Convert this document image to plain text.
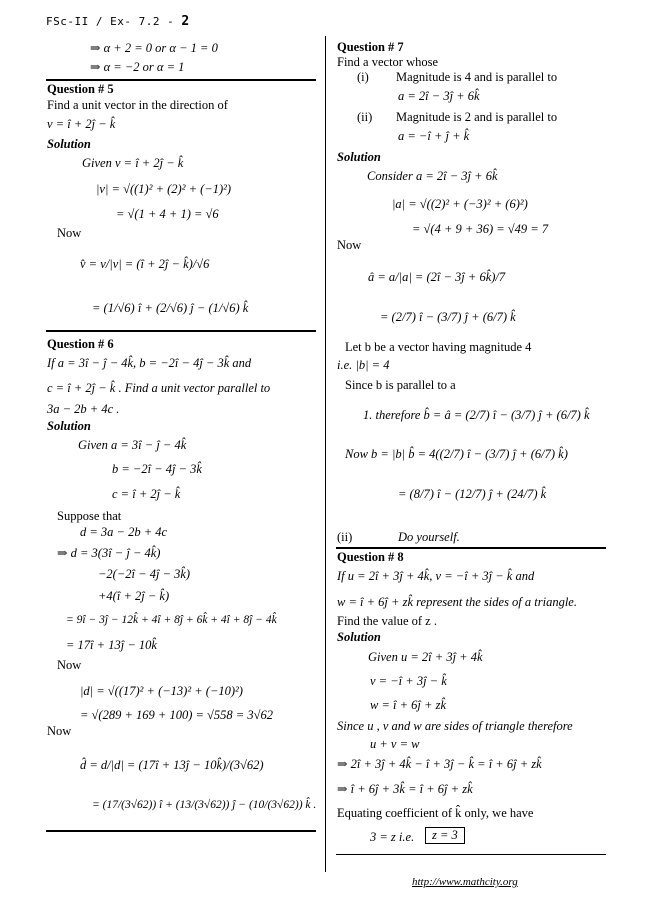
FSc-II / Ex- 7.2 - 2
⇒ α + 2 = 0 or α − 1 = 0
⇒ α = −2 or α = 1
Question # 5
Find a unit vector in the direction of
v = î + 2ĵ − k̂
Solution
Given v = î + 2ĵ − k̂
|v| = √((1)² + (2)² + (−1)²)
= √(1 + 4 + 1) = √6
Now
v̂ = v/|v| = (î + 2ĵ − k̂)/√6
= (1/√6) î + (2/√6) ĵ − (1/√6) k̂
Question # 6
If a = 3î − ĵ − 4k̂, b = −2î − 4ĵ − 3k̂ and
c = î + 2ĵ − k̂ . Find a unit vector parallel to
3a − 2b + 4c .
Solution
Given a = 3î − ĵ − 4k̂
b = −2î − 4ĵ − 3k̂
c = î + 2ĵ − k̂
Suppose that
d = 3a − 2b + 4c
⇒ d = 3(3î − ĵ − 4k̂)
−2(−2î − 4ĵ − 3k̂)
+4(î + 2ĵ − k̂)
= 9î − 3ĵ − 12k̂ + 4î + 8ĵ + 6k̂ + 4î + 8ĵ − 4k̂
= 17î + 13ĵ − 10k̂
Now
|d| = √((17)² + (−13)² + (−10)²)
= √(289 + 169 + 100) = √558 = 3√62
Now
d̂ = d/|d| = (17î + 13ĵ − 10k̂)/(3√62)
= (17/(3√62)) î + (13/(3√62)) ĵ − (10/(3√62)) k̂ .
Question # 7
Find a vector whose
(i) Magnitude is 4 and is parallel to
a = 2î − 3ĵ + 6k̂
(ii) Magnitude is 2 and is parallel to
a = −î + ĵ + k̂
Solution
Consider a = 2î − 3ĵ + 6k̂
|a| = √((2)² + (−3)² + (6)²)
= √(4 + 9 + 36) = √49 = 7
Now
â = a/|a| = (2î − 3ĵ + 6k̂)/7
= (2/7) î − (3/7) ĵ + (6/7) k̂
Let b be a vector having magnitude 4
i.e. |b| = 4
Since b is parallel to a
1. therefore b̂ = â = (2/7) î − (3/7) ĵ + (6/7) k̂
Now b = |b| b̂ = 4((2/7) î − (3/7) ĵ + (6/7) k̂)
= (8/7) î − (12/7) ĵ + (24/7) k̂
(ii)	Do yourself.
Question # 8
If u = 2î + 3ĵ + 4k̂, v = −î + 3ĵ − k̂ and
w = î + 6ĵ + zk̂ represent the sides of a triangle.
Find the value of z .
Solution
Given u = 2î + 3ĵ + 4k̂
v = −î + 3ĵ − k̂
w = î + 6ĵ + zk̂
Since u , v and w are sides of triangle therefore
u + v = w
⇒ 2î + 3ĵ + 4k̂ − î + 3ĵ − k̂ = î + 6ĵ + zk̂
⇒ î + 6ĵ + 3k̂ = î + 6ĵ + zk̂
Equating coefficient of k̂ only, we have
3 = z i.e.	z = 3
http://www.mathcity.org
